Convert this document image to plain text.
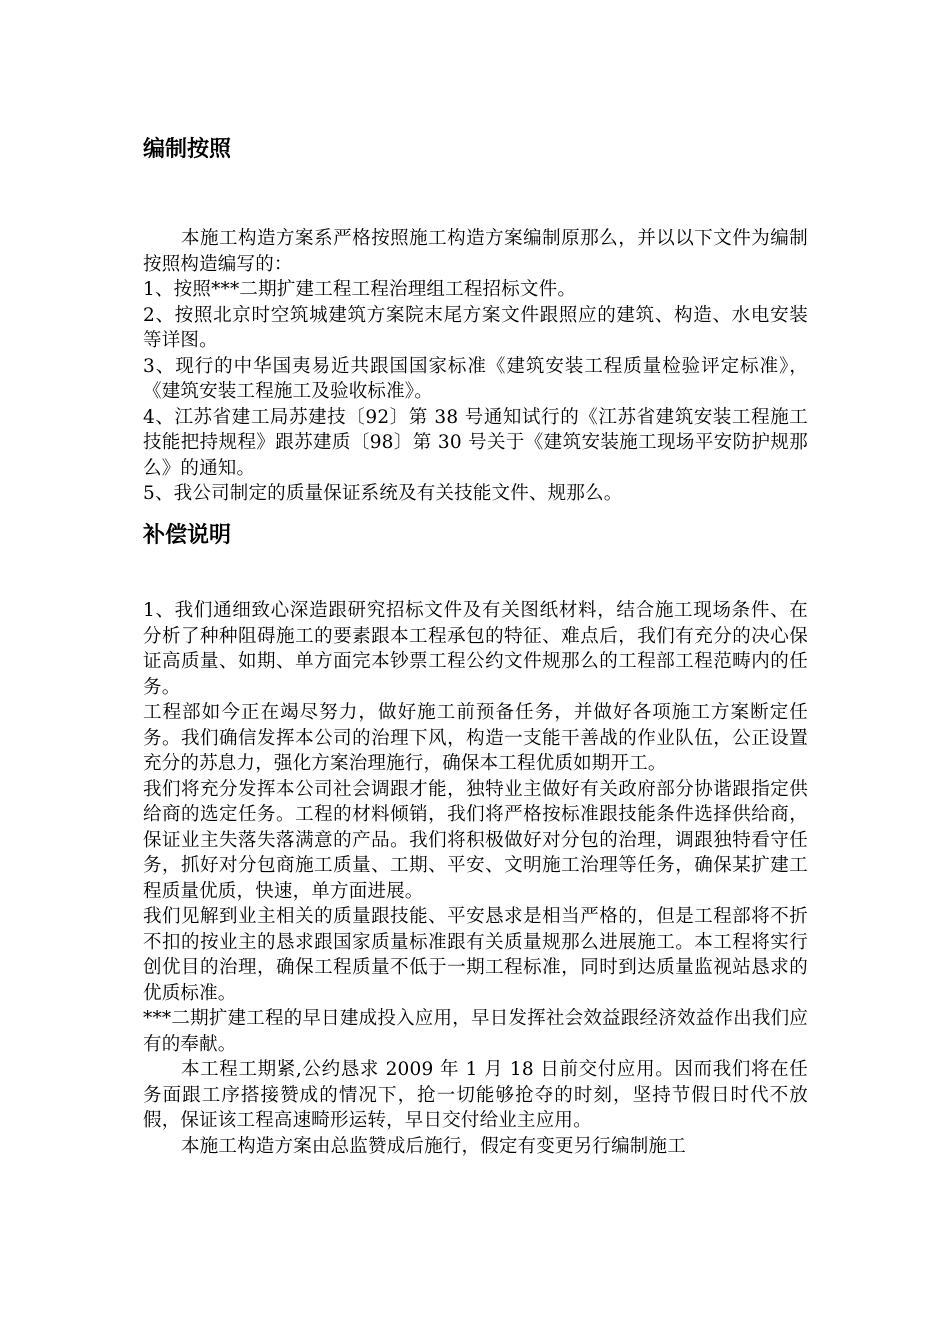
编制按照

本施工构造方案系严格按照施工构造方案编制原那么，并以以下文件为编制按照构造编写的：

1、按照***二期扩建工程工程治理组工程招标文件。

2、按照北京时空筑城建筑方案院末尾方案文件跟照应的建筑、构造、水电安装等详图。

3、现行的中华国夷易近共跟国国家标准《建筑安装工程质量检验评定标准》，《建筑安装工程施工及验收标准》。

4、江苏省建工局苏建技〔92〕第 38 号通知试行的《江苏省建筑安装工程施工技能把持规程》跟苏建质〔98〕第 30 号关于《建筑安装施工现场平安防护规那么》的通知。

5、我公司制定的质量保证系统及有关技能文件、规那么。

补偿说明

1、我们通细致心深造跟研究招标文件及有关图纸材料，结合施工现场条件、在分析了种种阻碍施工的要素跟本工程承包的特征、难点后，我们有充分的决心保证高质量、如期、单方面完本钞票工程公约文件规那么的工程部工程范畴内的任务。

工程部如今正在竭尽努力，做好施工前预备任务，并做好各项施工方案断定任务。我们确信发挥本公司的治理下风，构造一支能干善战的作业队伍，公正设置充分的苏息力，强化方案治理施行，确保本工程优质如期开工。

我们将充分发挥本公司社会调跟才能，独特业主做好有关政府部分协谐跟指定供给商的选定任务。工程的材料倾销，我们将严格按标准跟技能条件选择供给商，保证业主失落失落满意的产品。我们将积极做好对分包的治理，调跟独特看守任务，抓好对分包商施工质量、工期、平安、文明施工治理等任务，确保某扩建工程质量优质，快速，单方面进展。

我们见解到业主相关的质量跟技能、平安恳求是相当严格的，但是工程部将不折不扣的按业主的恳求跟国家质量标准跟有关质量规那么进展施工。本工程将实行创优目的治理，确保工程质量不低于一期工程标准，同时到达质量监视站恳求的优质标准。

***二期扩建工程的早日建成投入应用，早日发挥社会效益跟经济效益作出我们应有的奉献。

本工程工期紧,公约恳求 2009 年 1 月 18 日前交付应用。因而我们将在任务面跟工序搭接赞成的情况下，抢一切能够抢夺的时刻，坚持节假日时代不放假，保证该工程高速畸形运转，早日交付给业主应用。

本施工构造方案由总监赞成后施行，假定有变更另行编制施工
